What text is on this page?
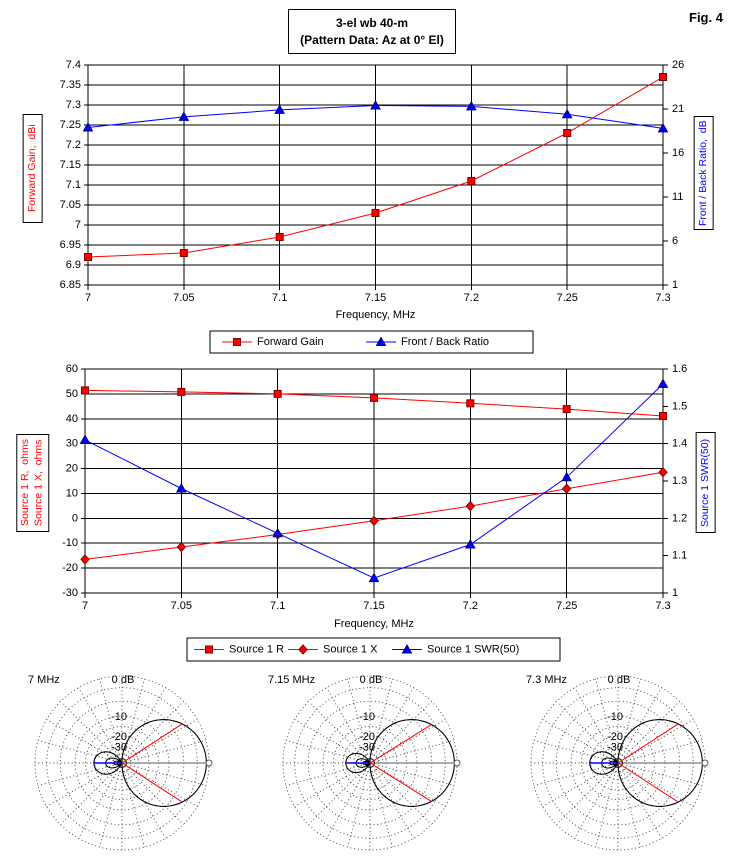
3-el wb 40-m
(Pattern Data: Az at 0° El)
Fig. 4
Forward Gain,  dBi	Front / Back Ratio,  dB
Source 1 R,  ohms Source 1 X,  ohms	Source 1 SWR(50)
7.4
7.35
7.3
7.25
7.2
7.15
7.1
7.05
7
6.95
6.9
6.85
26
21
16
11
6
1
7	7.05	7.1	7.15	7.2	7.25	7.3
Frequency, MHz
Forward Gain	Front / Back Ratio
60
50
40
30
20
10
0
-10
-20
-30
1.6
1.5
1.4
1.3
1.2
1.1
1
7	7.05	7.1	7.15	7.2	7.25	7.3
Frequency, MHz
Source 1 R	Source 1 X	Source 1 SWR(50)
7 MHz	0 dB
-10
-20
-30
7.15 MHz	0 dB
-10
-20
-30
7.3 MHz	0 dB
-10
-20
-30
